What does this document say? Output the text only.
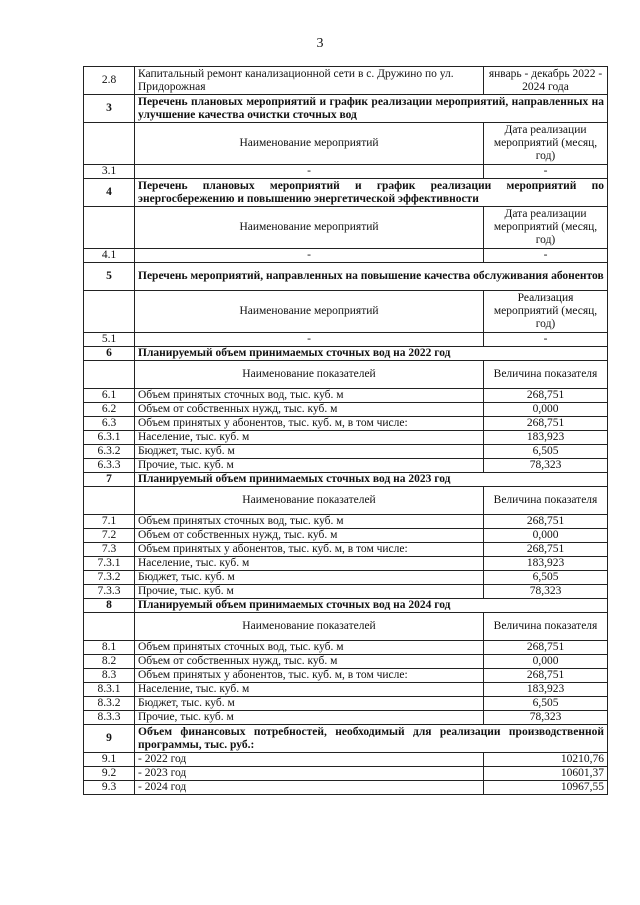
3
2.8	Капитальный ремонт канализационной сети в с. Дружино по ул. Придорожная	январь - декабрь 2022 - 2024 года
3	Перечень плановых мероприятий и график реализации мероприятий, направленных на улучшение качества очистки сточных вод	
	Наименование мероприятий	Дата реализации мероприятий (месяц, год)
3.1	-	-
4	Перечень плановых мероприятий и график реализации мероприятий по энергосбережению и повышению энергетической эффективности	
	Наименование мероприятий	Дата реализации мероприятий (месяц, год)
4.1	-	-
5	Перечень мероприятий, направленных на повышение качества обслуживания абонентов	
	Наименование мероприятий	Реализация мероприятий (месяц, год)
5.1	-	-
6	Планируемый объем принимаемых сточных вод на 2022 год	
	Наименование показателей	Величина показателя
6.1	Объем принятых сточных вод, тыс. куб. м	268,751
6.2	Объем от собственных нужд, тыс. куб. м	0,000
6.3	Объем принятых у абонентов, тыс. куб. м, в том числе:	268,751
6.3.1	Население, тыс. куб. м	183,923
6.3.2	Бюджет, тыс. куб. м	6,505
6.3.3	Прочие, тыс. куб. м	78,323
7	Планируемый объем принимаемых сточных вод на 2023 год	
	Наименование показателей	Величина показателя
7.1	Объем принятых сточных вод, тыс. куб. м	268,751
7.2	Объем от собственных нужд, тыс. куб. м	0,000
7.3	Объем принятых у абонентов, тыс. куб. м, в том числе:	268,751
7.3.1	Население, тыс. куб. м	183,923
7.3.2	Бюджет, тыс. куб. м	6,505
7.3.3	Прочие, тыс. куб. м	78,323
8	Планируемый объем принимаемых сточных вод на 2024 год	
	Наименование показателей	Величина показателя
8.1	Объем принятых сточных вод, тыс. куб. м	268,751
8.2	Объем от собственных нужд, тыс. куб. м	0,000
8.3	Объем принятых у абонентов, тыс. куб. м, в том числе:	268,751
8.3.1	Население, тыс. куб. м	183,923
8.3.2	Бюджет, тыс. куб. м	6,505
8.3.3	Прочие, тыс. куб. м	78,323
9	Объем финансовых потребностей, необходимый для реализации производственной программы, тыс. руб.:	
9.1	- 2022 год	10210,76
9.2	- 2023 год	10601,37
9.3	- 2024 год	10967,55
